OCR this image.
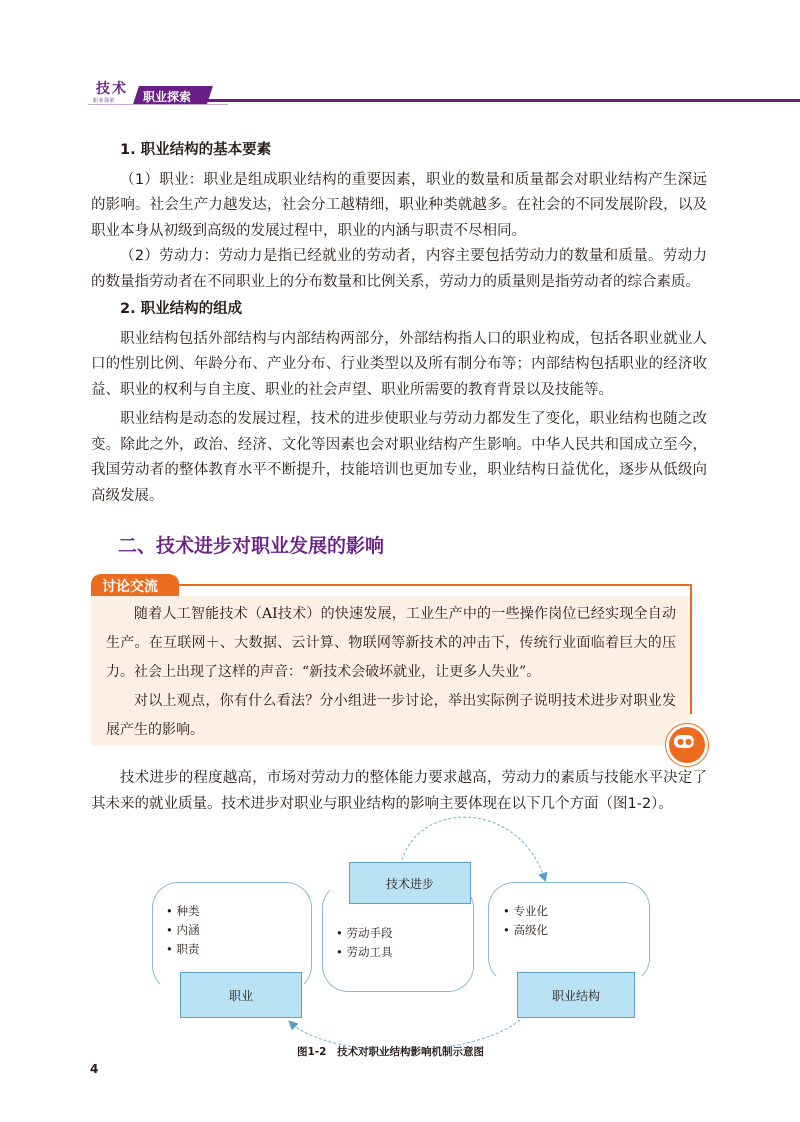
技术
职业探索 职业探索

1. 职业结构的基本要素

（1）职业：职业是组成职业结构的重要因素，职业的数量和质量都会对职业结构产生深远的影响。社会生产力越发达，社会分工越精细，职业种类就越多。在社会的不同发展阶段，以及职业本身从初级到高级的发展过程中，职业的内涵与职责不尽相同。

（2）劳动力：劳动力是指已经就业的劳动者，内容主要包括劳动力的数量和质量。劳动力的数量指劳动者在不同职业上的分布数量和比例关系，劳动力的质量则是指劳动者的综合素质。

2. 职业结构的组成

职业结构包括外部结构与内部结构两部分，外部结构指人口的职业构成，包括各职业就业人口的性别比例、年龄分布、产业分布、行业类型以及所有制分布等；内部结构包括职业的经济收益、职业的权利与自主度、职业的社会声望、职业所需要的教育背景以及技能等。

职业结构是动态的发展过程，技术的进步使职业与劳动力都发生了变化，职业结构也随之改变。除此之外，政治、经济、文化等因素也会对职业结构产生影响。中华人民共和国成立至今，我国劳动者的整体教育水平不断提升，技能培训也更加专业，职业结构日益优化，逐步从低级向高级发展。

二、技术进步对职业发展的影响
讨论交流

随着人工智能技术（AI技术）的快速发展，工业生产中的一些操作岗位已经实现全自动生产。在互联网＋、大数据、云计算、物联网等新技术的冲击下，传统行业面临着巨大的压力。社会上出现了这样的声音：“新技术会破坏就业，让更多人失业”。

对以上观点，你有什么看法？分小组进一步讨论，举出实际例子说明技术进步对职业发展产生的影响。

●●●

技术进步的程度越高，市场对劳动力的整体能力要求越高，劳动力的素质与技能水平决定了其未来的就业质量。技术进步对职业与职业结构的影响主要体现在以下几个方面（图1-2）。

技术进步
职业	职业结构
• 种类
• 内涵
• 职责
• 劳动手段
• 劳动工具
• 专业化
• 高级化
图1-2　技术对职业结构影响机制示意图
4
